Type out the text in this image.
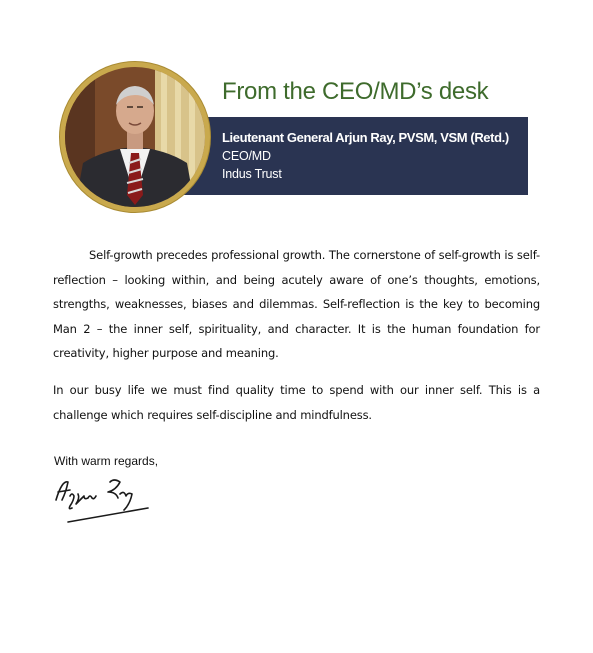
From the CEO/MD’s desk
Lieutenant General Arjun Ray, PVSM, VSM (Retd.)
CEO/MD
Indus Trust

Self-growth precedes professional growth. The cornerstone of self-growth is self-reflection – looking within, and being acutely aware of one’s thoughts, emotions, strengths, weaknesses, biases and dilemmas. Self-reflection is the key to becoming Man 2 – the inner self, spirituality, and character. It is the human foundation for creativity, higher purpose and meaning.

In our busy life we must find quality time to spend with our inner self. This is a challenge which requires self-discipline and mindfulness.

With warm regards,
